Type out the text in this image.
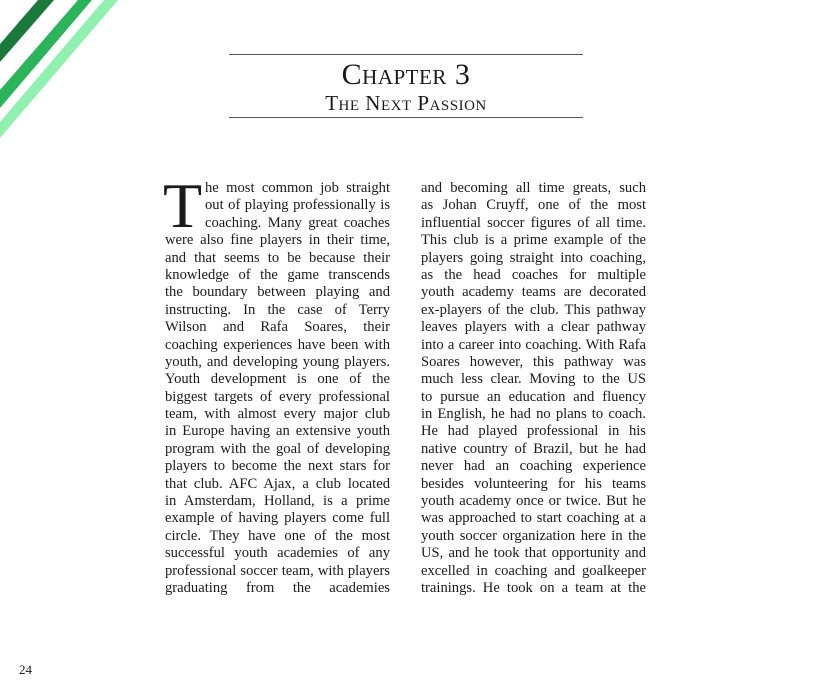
Chapter 3
The Next Passion
T he most common job straight
out of playing professionally is
coaching. Many great coaches
were also fine players in their time,
and that seems to be because their
knowledge of the game transcends
the boundary between playing and
instructing. In the case of Terry
Wilson and Rafa Soares, their
coaching experiences have been with
youth, and developing young players.
Youth development is one of the
biggest targets of every professional
team, with almost every major club
in Europe having an extensive youth
program with the goal of developing
players to become the next stars for
that club. AFC Ajax, a club located
in Amsterdam, Holland, is a prime
example of having players come full
circle. They have one of the most
successful youth academies of any
professional soccer team, with players
graduating from the academies
and becoming all time greats, such
as Johan Cruyff, one of the most
influential soccer figures of all time.
This club is a prime example of the
players going straight into coaching,
as the head coaches for multiple
youth academy teams are decorated
ex-players of the club. This pathway
leaves players with a clear pathway
into a career into coaching. With Rafa
Soares however, this pathway was
much less clear. Moving to the US
to pursue an education and fluency
in English, he had no plans to coach.
He had played professional in his
native country of Brazil, but he had
never had an coaching experience
besides volunteering for his teams
youth academy once or twice. But he
was approached to start coaching at a
youth soccer organization here in the
US, and he took that opportunity and
excelled in coaching and goalkeeper
trainings. He took on a team at the
24
